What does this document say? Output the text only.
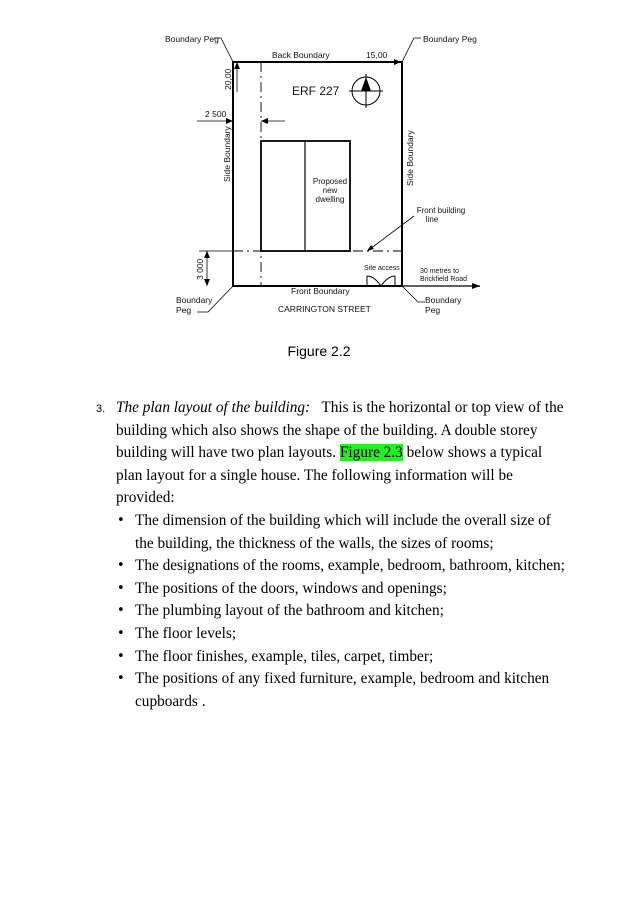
Boundary Peg	Boundary Peg
Back Boundary	15,00
20,00
ERF 227
2 500
Side Boundary	Side Boundary
Proposed
new
dwelling
Front building
line
3 000	Site access	30 metres to
Brickfield Road
Front Boundary
Boundary
Peg
Boundary
Peg
CARRINGTON STREET
Figure 2.2

3. The plan layout of the building: This is the horizontal or top view of the building which also shows the shape of the building. A double storey building will have two plan layouts. Figure 2.3 below shows a typical plan layout for a single house. The following information will be provided:

• The dimension of the building which will include the overall size of the building, the thickness of the walls, the sizes of rooms;
• The designations of the rooms, example, bedroom, bathroom, kitchen;
• The positions of the doors, windows and openings;
• The plumbing layout of the bathroom and kitchen;
• The floor levels;
• The floor finishes, example, tiles, carpet, timber;
• The positions of any fixed furniture, example, bedroom and kitchen cupboards .
